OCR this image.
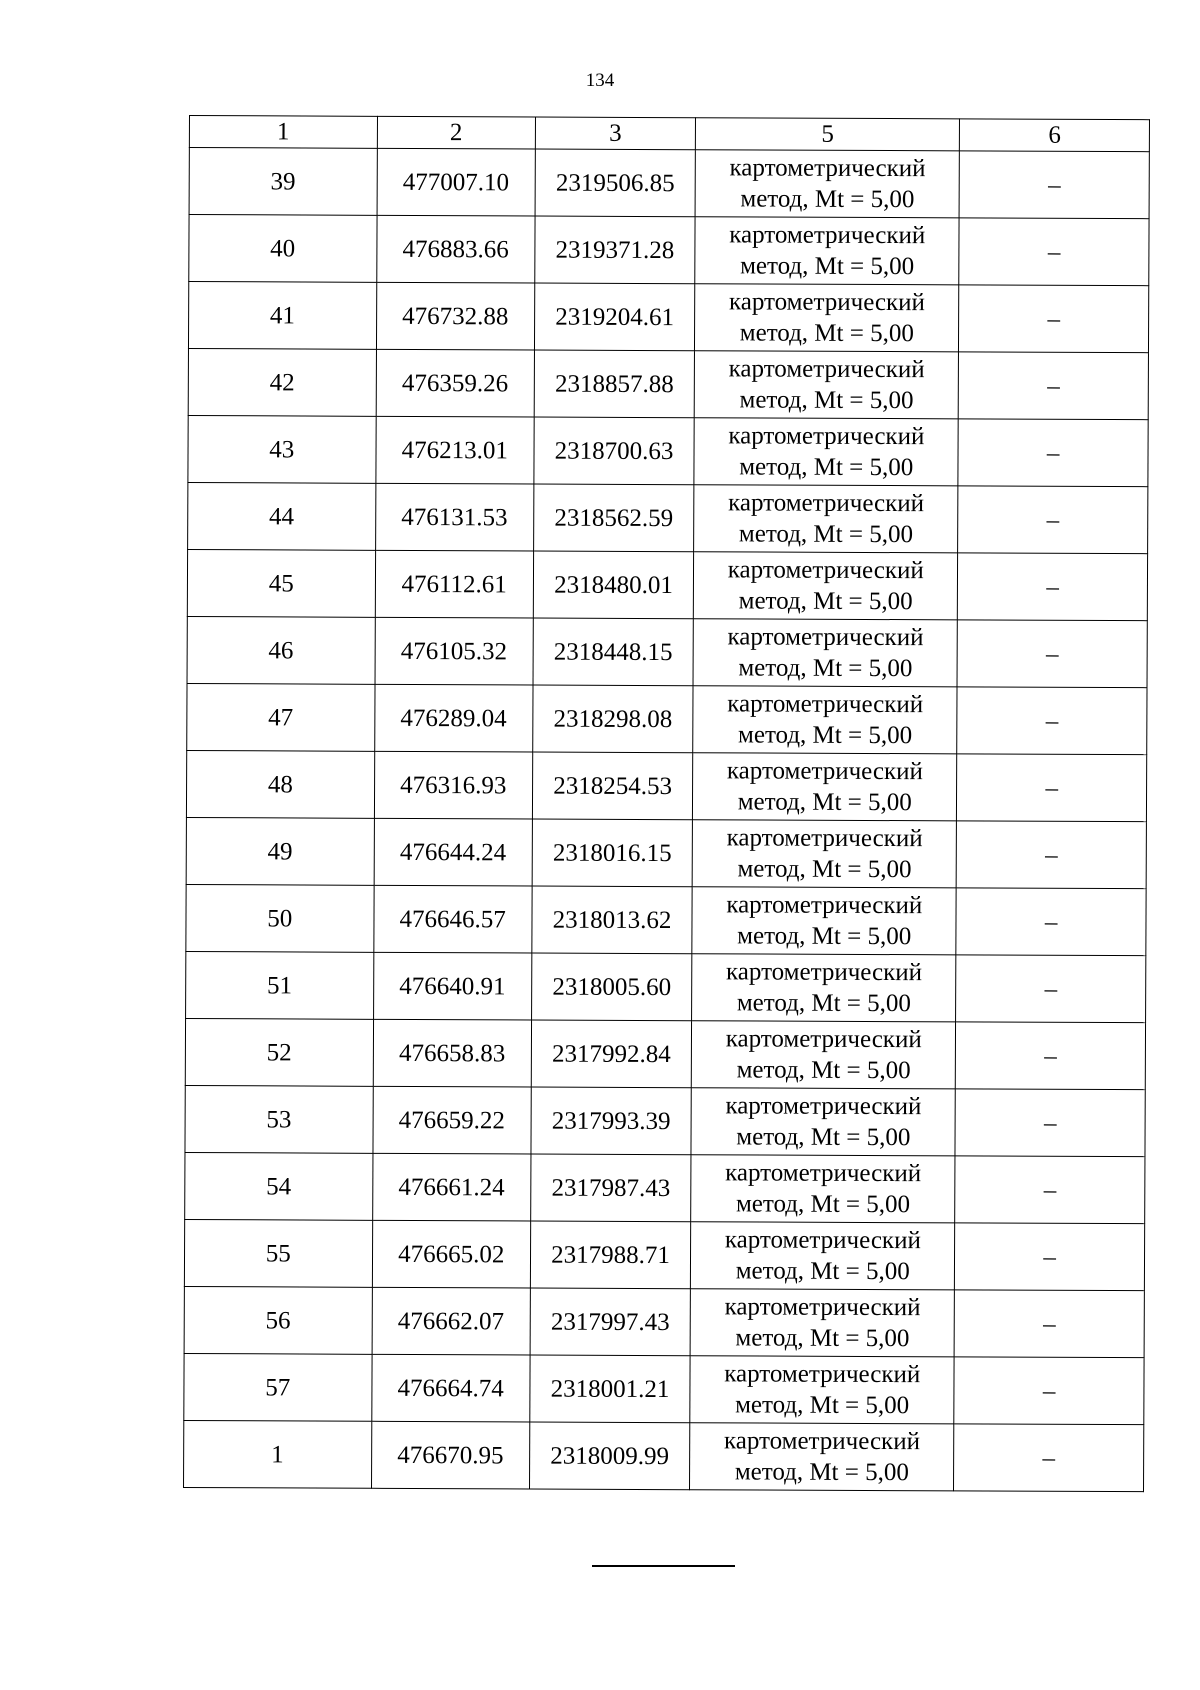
134
1	2	3	5	6
39	477007.10	2319506.85	картометрический
метод, Mt = 5,00	–
40	476883.66	2319371.28	картометрический
метод, Mt = 5,00	–
41	476732.88	2319204.61	картометрический
метод, Mt = 5,00	–
42	476359.26	2318857.88	картометрический
метод, Mt = 5,00	–
43	476213.01	2318700.63	картометрический
метод, Mt = 5,00	–
44	476131.53	2318562.59	картометрический
метод, Mt = 5,00	–
45	476112.61	2318480.01	картометрический
метод, Mt = 5,00	–
46	476105.32	2318448.15	картометрический
метод, Mt = 5,00	–
47	476289.04	2318298.08	картометрический
метод, Mt = 5,00	–
48	476316.93	2318254.53	картометрический
метод, Mt = 5,00	–
49	476644.24	2318016.15	картометрический
метод, Mt = 5,00	–
50	476646.57	2318013.62	картометрический
метод, Mt = 5,00	–
51	476640.91	2318005.60	картометрический
метод, Mt = 5,00	–
52	476658.83	2317992.84	картометрический
метод, Mt = 5,00	–
53	476659.22	2317993.39	картометрический
метод, Mt = 5,00	–
54	476661.24	2317987.43	картометрический
метод, Mt = 5,00	–
55	476665.02	2317988.71	картометрический
метод, Mt = 5,00	–
56	476662.07	2317997.43	картометрический
метод, Mt = 5,00	–
57	476664.74	2318001.21	картометрический
метод, Mt = 5,00	–
1	476670.95	2318009.99	картометрический
метод, Mt = 5,00	–
